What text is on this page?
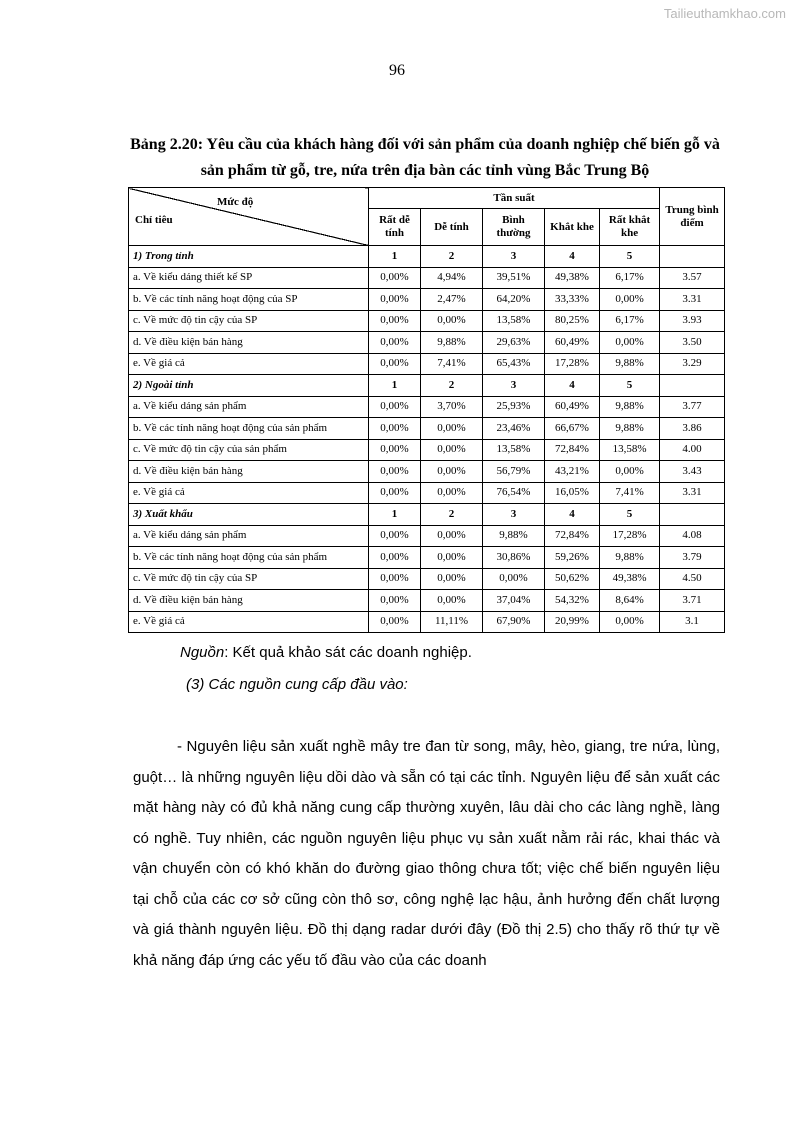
Tailieuthamkhao.com
96
Bảng 2.20: Yêu cầu của khách hàng đối với sản phẩm của doanh nghiệp chế biến gỗ và sản phẩm từ gỗ, tre, nứa trên địa bàn các tỉnh vùng Bắc Trung Bộ
Mức độ
Chỉ tiêu	Tần suất					Trung bình điểm
	Rất dễ tính	Dễ tính	Bình thường	Khắt khe	Rất khắt khe	
1) Trong tỉnh	1	2	3	4	5	
a. Về kiểu dáng thiết kế SP	0,00%	4,94%	39,51%	49,38%	6,17%	3.57
b. Về các tính năng hoạt động của SP	0,00%	2,47%	64,20%	33,33%	0,00%	3.31
c. Về mức độ tin cậy của SP	0,00%	0,00%	13,58%	80,25%	6,17%	3.93
d. Về điều kiện bán hàng	0,00%	9,88%	29,63%	60,49%	0,00%	3.50
e. Về giá cả	0,00%	7,41%	65,43%	17,28%	9,88%	3.29
2) Ngoài tỉnh	1	2	3	4	5	
a. Về kiểu dáng sản phẩm	0,00%	3,70%	25,93%	60,49%	9,88%	3.77
b. Về các tính năng hoạt động của sản phẩm	0,00%	0,00%	23,46%	66,67%	9,88%	3.86
c. Về mức độ tin cậy của sản phẩm	0,00%	0,00%	13,58%	72,84%	13,58%	4.00
d. Về điều kiện bán hàng	0,00%	0,00%	56,79%	43,21%	0,00%	3.43
e. Về giá cả	0,00%	0,00%	76,54%	16,05%	7,41%	3.31
3) Xuất khẩu	1	2	3	4	5	
a. Về kiểu dáng sản phẩm	0,00%	0,00%	9,88%	72,84%	17,28%	4.08
b. Về các tính năng hoạt động của sản phẩm	0,00%	0,00%	30,86%	59,26%	9,88%	3.79
c. Về mức độ tin cậy của SP	0,00%	0,00%	0,00%	50,62%	49,38%	4.50
d. Về điều kiện bán hàng	0,00%	0,00%	37,04%	54,32%	8,64%	3.71
e. Về giá cả	0,00%	11,11%	67,90%	20,99%	0,00%	3.1
Nguồn: Kết quả khảo sát các doanh nghiệp.
(3) Các nguồn cung cấp đầu vào:

- Nguyên liệu sản xuất nghề mây tre đan từ song, mây, hèo, giang, tre nứa, lùng, guột… là những nguyên liệu dồi dào và sẵn có tại các tỉnh. Nguyên liệu để sản xuất các mặt hàng này có đủ khả năng cung cấp thường xuyên, lâu dài cho các làng nghề, làng có nghề. Tuy nhiên, các nguồn nguyên liệu phục vụ sản xuất nằm rải rác, khai thác và vận chuyển còn có khó khăn do đường giao thông chưa tốt; việc chế biến nguyên liệu tại chỗ của các cơ sở cũng còn thô sơ, công nghệ lạc hậu, ảnh hưởng đến chất lượng và giá thành nguyên liệu. Đồ thị dạng radar dưới đây (Đồ thị 2.5) cho thấy rõ thứ tự về khả năng đáp ứng các yếu tố đầu vào của các doanh
